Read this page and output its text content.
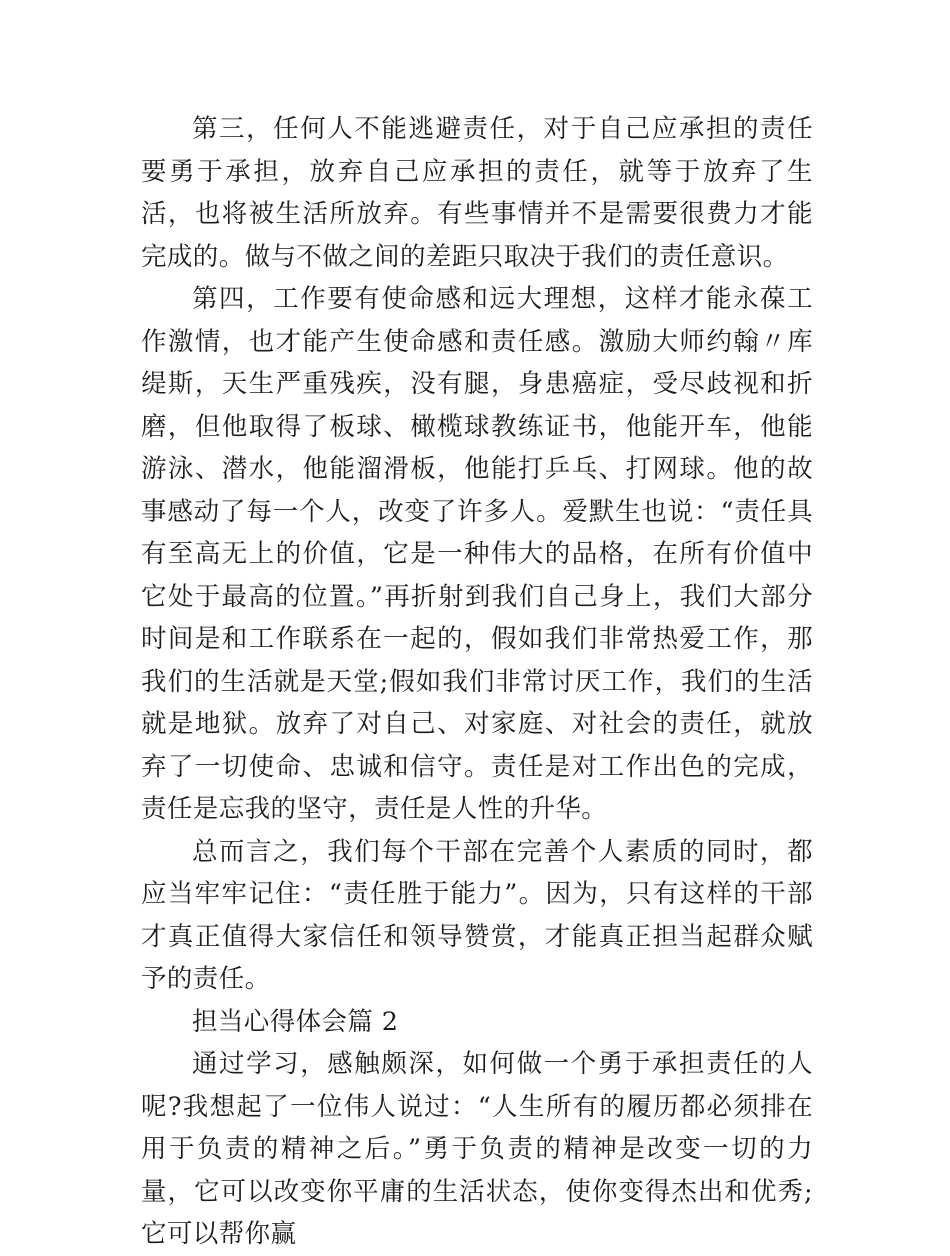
第三，任何人不能逃避责任，对于自己应承担的责任要勇于承担，放弃自己应承担的责任，就等于放弃了生活，也将被生活所放弃。有些事情并不是需要很费力才能完成的。做与不做之间的差距只取决于我们的责任意识。

第四，工作要有使命感和远大理想，这样才能永葆工作激情，也才能产生使命感和责任感。激励大师约翰〃库缇斯，天生严重残疾，没有腿，身患癌症，受尽歧视和折磨，但他取得了板球、橄榄球教练证书，他能开车，他能游泳、潜水，他能溜滑板，他能打乒乓、打网球。他的故事感动了每一个人，改变了许多人。爱默生也说：“责任具有至高无上的价值，它是一种伟大的品格，在所有价值中它处于最高的位置。”再折射到我们自己身上，我们大部分时间是和工作联系在一起的，假如我们非常热爱工作，那我们的生活就是天堂;假如我们非常讨厌工作，我们的生活就是地狱。放弃了对自己、对家庭、对社会的责任，就放弃了一切使命、忠诚和信守。责任是对工作出色的完成，责任是忘我的坚守，责任是人性的升华。

总而言之，我们每个干部在完善个人素质的同时，都应当牢牢记住：“责任胜于能力”。因为，只有这样的干部才真正值得大家信任和领导赞赏，才能真正担当起群众赋予的责任。

担当心得体会篇 2

通过学习，感触颇深，如何做一个勇于承担责任的人呢?我想起了一位伟人说过：“人生所有的履历都必须排在用于负责的精神之后。”勇于负责的精神是改变一切的力量，它可以改变你平庸的生活状态，使你变得杰出和优秀;它可以帮你赢
